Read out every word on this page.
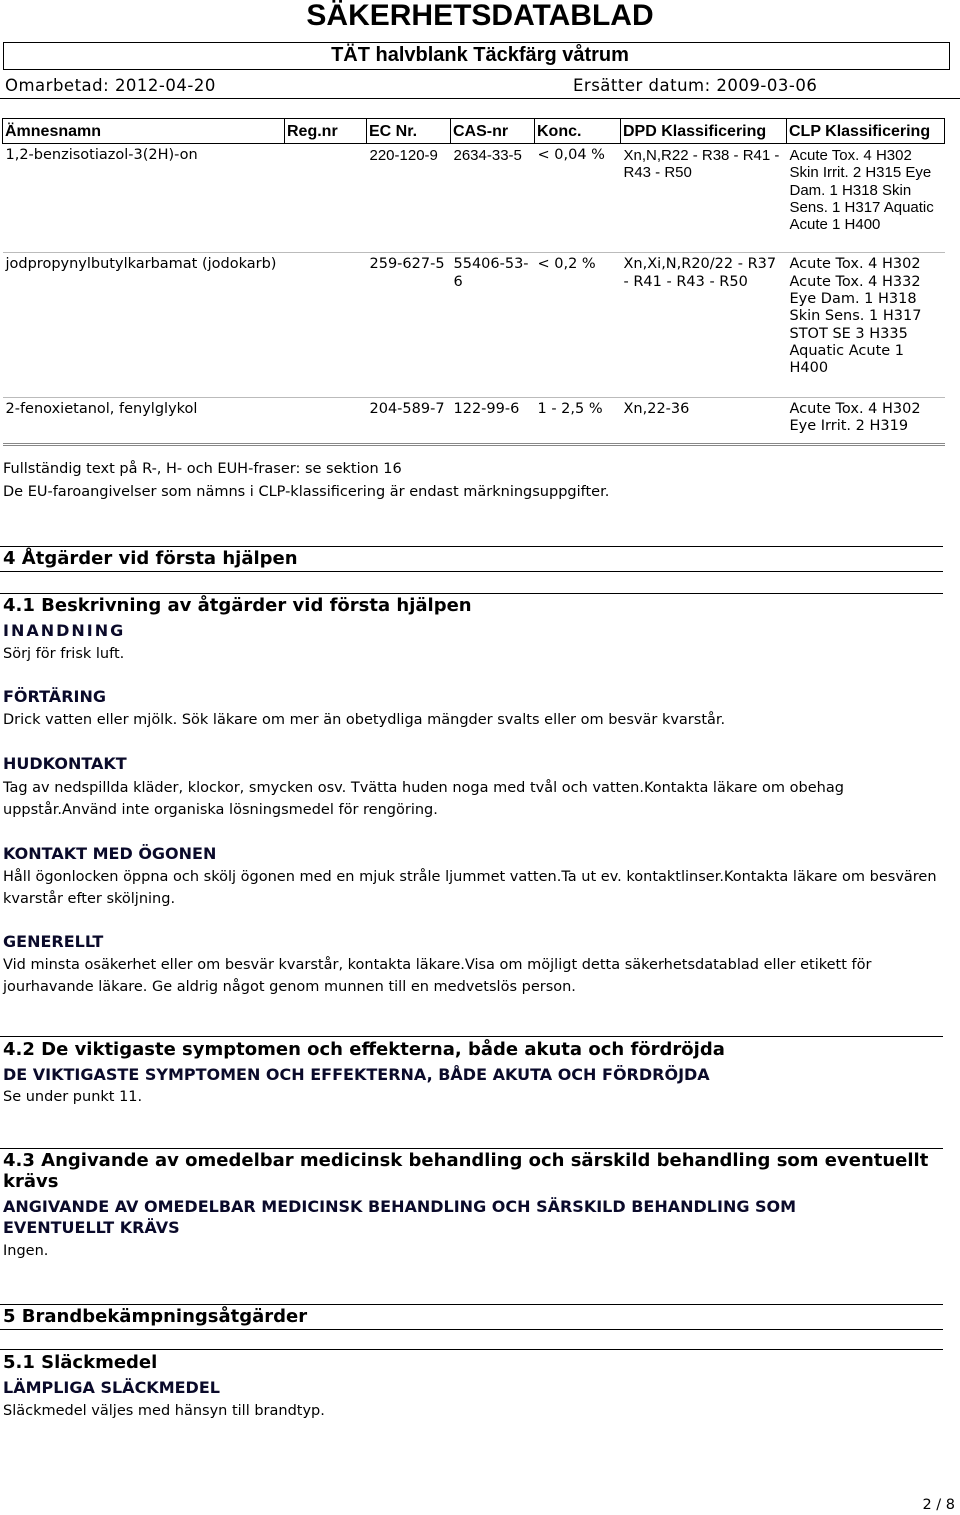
SÄKERHETSDATABLAD
TÄT halvblank Täckfärg våtrum
Omarbetad: 2012-04-20	Ersätter datum: 2009-03-06
Ämnesnamn	Reg.nr	EC Nr.	CAS-nr	Konc.	DPD Klassificering	CLP Klassificering
1,2-benzisotiazol-3(2H)-on		220-120-9	2634-33-5	< 0,04 %	Xn,N,R22 - R38 - R41 - R43 - R50	Acute Tox. 4 H302 Skin Irrit. 2 H315 Eye Dam. 1 H318 Skin Sens. 1 H317 Aquatic Acute 1 H400
jodpropynylbutylkarbamat (jodokarb)		259-627-5	55406-53-6	< 0,2 %	Xn,Xi,N,R20/22 - R37 - R41 - R43 - R50	Acute Tox. 4 H302 Acute Tox. 4 H332 Eye Dam. 1 H318 Skin Sens. 1 H317 STOT SE 3 H335 Aquatic Acute 1 H400
2-fenoxietanol, fenylglykol		204-589-7	122-99-6	1 - 2,5 %	Xn,22-36	Acute Tox. 4 H302 Eye Irrit. 2 H319
Fullständig text på R-, H- och EUH-fraser: se sektion 16
De EU-faroangivelser som nämns i CLP-klassificering är endast märkningsuppgifter.
4 Åtgärder vid första hjälpen
4.1 Beskrivning av åtgärder vid första hjälpen
INANDNING
Sörj för frisk luft.
FÖRTÄRING
Drick vatten eller mjölk. Sök läkare om mer än obetydliga mängder svalts eller om besvär kvarstår.
HUDKONTAKT
Tag av nedspillda kläder, klockor, smycken osv. Tvätta huden noga med tvål och vatten.Kontakta läkare om obehag uppstår.Använd inte organiska lösningsmedel för rengöring.
KONTAKT MED ÖGONEN
Håll ögonlocken öppna och skölj ögonen med en mjuk stråle ljummet vatten.Ta ut ev. kontaktlinser.Kontakta läkare om besvären kvarstår efter sköljning.
GENERELLT
Vid minsta osäkerhet eller om besvär kvarstår, kontakta läkare.Visa om möjligt detta säkerhetsdatablad eller etikett för jourhavande läkare. Ge aldrig något genom munnen till en medvetslös person.
4.2 De viktigaste symptomen och effekterna, både akuta och fördröjda
DE VIKTIGASTE SYMPTOMEN OCH EFFEKTERNA, BÅDE AKUTA OCH FÖRDRÖJDA
Se under punkt 11.
4.3 Angivande av omedelbar medicinsk behandling och särskild behandling som eventuellt krävs
ANGIVANDE AV OMEDELBAR MEDICINSK BEHANDLING OCH SÄRSKILD BEHANDLING SOM EVENTUELLT KRÄVS
Ingen.
5 Brandbekämpningsåtgärder
5.1 Släckmedel
LÄMPLIGA SLÄCKMEDEL
Släckmedel väljes med hänsyn till brandtyp.
2 / 8
